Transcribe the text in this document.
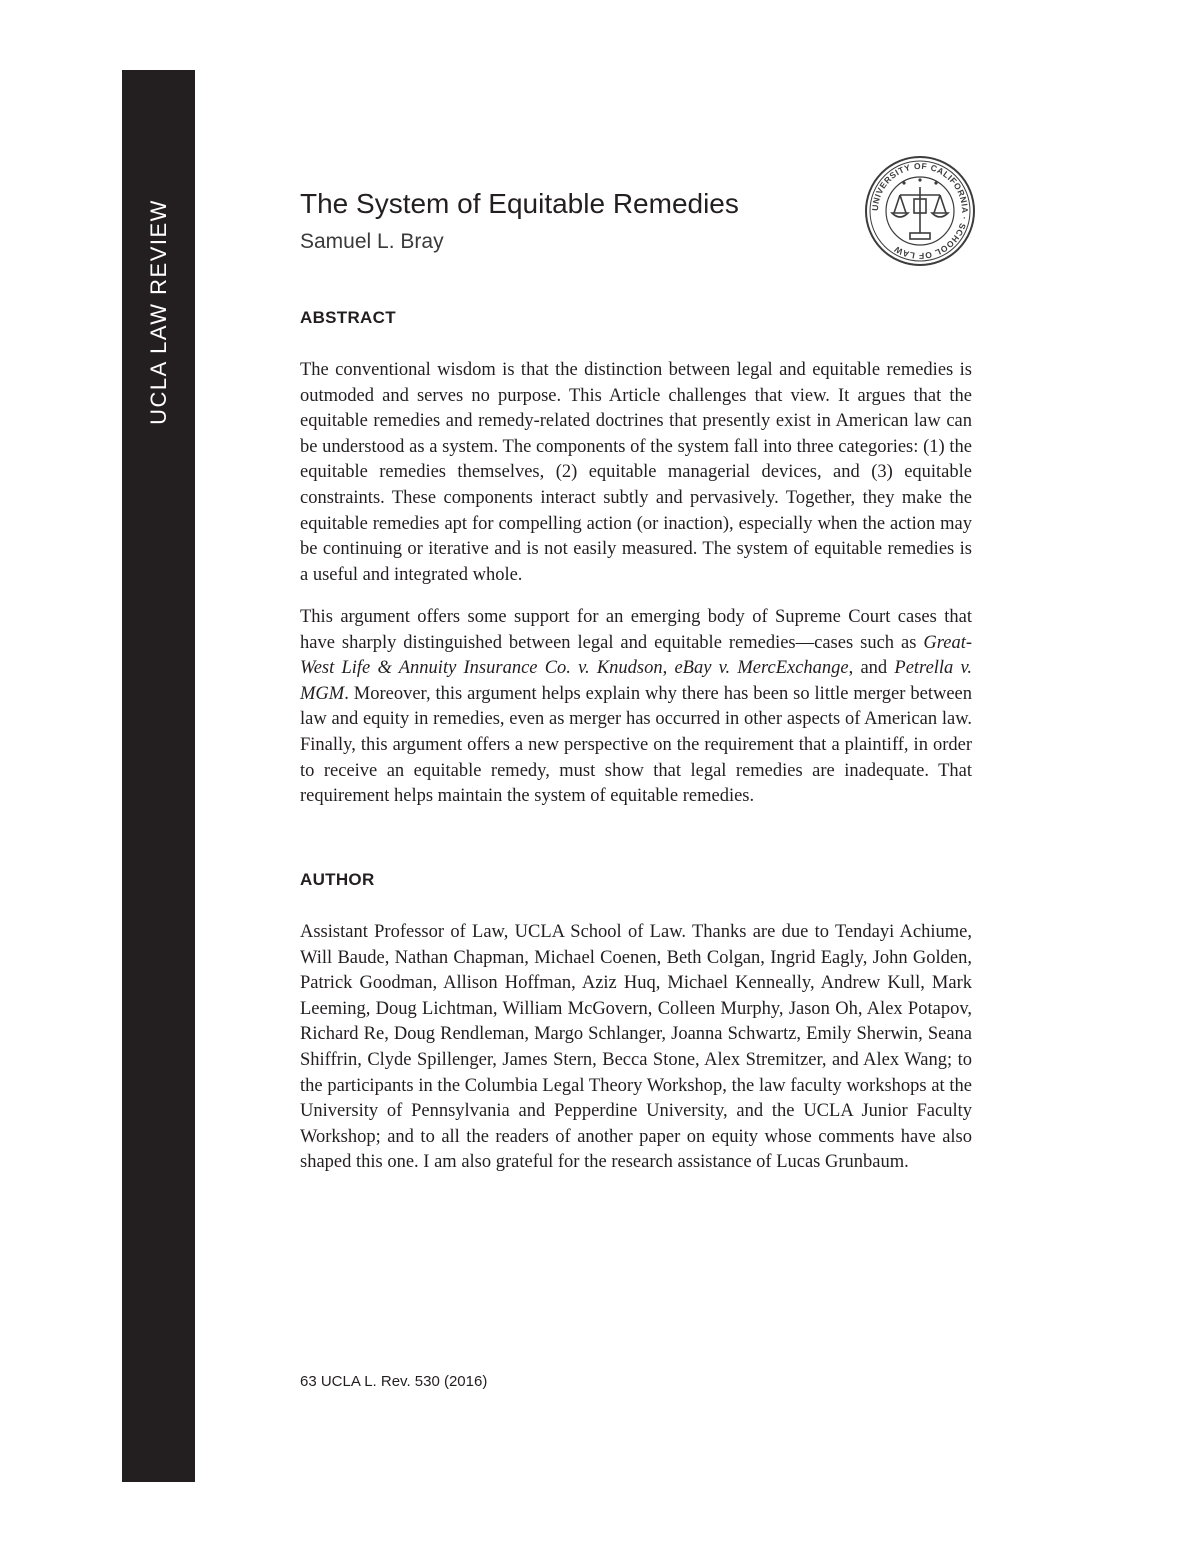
UCLA LAW REVIEW	The System of Equitable Remedies

Samuel L. Bray

UNIVERSITY OF CALIFORNIA · SCHOOL OF LAW
ABSTRACT

The conventional wisdom is that the distinction between legal and equitable remedies is outmoded and serves no purpose. This Article challenges that view. It argues that the equitable remedies and remedy-related doctrines that presently exist in American law can be understood as a system. The components of the system fall into three categories: (1) the equitable remedies themselves, (2) equitable managerial devices, and (3) equitable constraints. These components interact subtly and pervasively. Together, they make the equitable remedies apt for compelling action (or inaction), especially when the action may be continuing or iterative and is not easily measured. The system of equitable remedies is a useful and integrated whole.

This argument offers some support for an emerging body of Supreme Court cases that have sharply distinguished between legal and equitable remedies—cases such as Great-West Life & Annuity Insurance Co. v. Knudson, eBay v. MercExchange, and Petrella v. MGM. Moreover, this argument helps explain why there has been so little merger between law and equity in remedies, even as merger has occurred in other aspects of American law. Finally, this argument offers a new perspective on the requirement that a plaintiff, in order to receive an equitable remedy, must show that legal remedies are inadequate. That requirement helps maintain the system of equitable remedies.

AUTHOR

Assistant Professor of Law, UCLA School of Law. Thanks are due to Tendayi Achiume, Will Baude, Nathan Chapman, Michael Coenen, Beth Colgan, Ingrid Eagly, John Golden, Patrick Goodman, Allison Hoffman, Aziz Huq, Michael Kenneally, Andrew Kull, Mark Leeming, Doug Lichtman, William McGovern, Colleen Murphy, Jason Oh, Alex Potapov, Richard Re, Doug Rendleman, Margo Schlanger, Joanna Schwartz, Emily Sherwin, Seana Shiffrin, Clyde Spillenger, James Stern, Becca Stone, Alex Stremitzer, and Alex Wang; to the participants in the Columbia Legal Theory Workshop, the law faculty workshops at the University of Pennsylvania and Pepperdine University, and the UCLA Junior Faculty Workshop; and to all the readers of another paper on equity whose comments have also shaped this one. I am also grateful for the research assistance of Lucas Grunbaum.

63 UCLA L. Rev. 530 (2016)
